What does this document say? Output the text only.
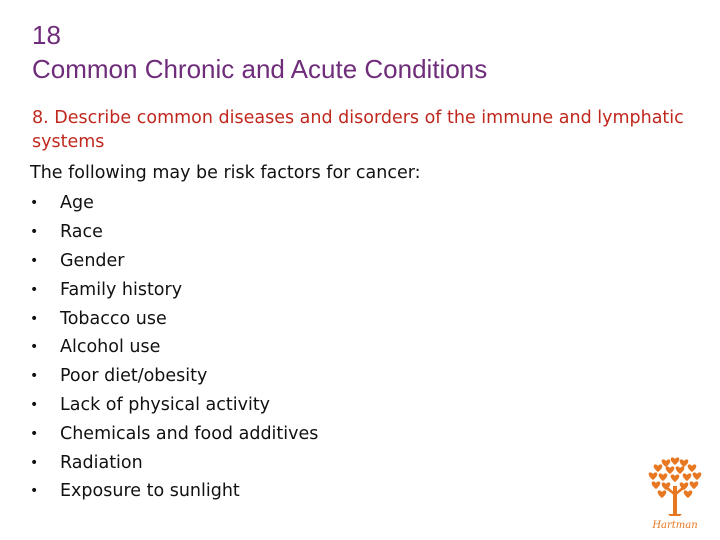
18
Common Chronic and Acute Conditions
8. Describe common diseases and disorders of the immune and lymphatic systems
The following may be risk factors for cancer:
•	Age
•	Race
•	Gender
•	Family history
•	Tobacco use
•	Alcohol use
•	Poor diet/obesity
•	Lack of physical activity
•	Chemicals and food additives
•	Radiation
•	Exposure to sunlight
Hartman
